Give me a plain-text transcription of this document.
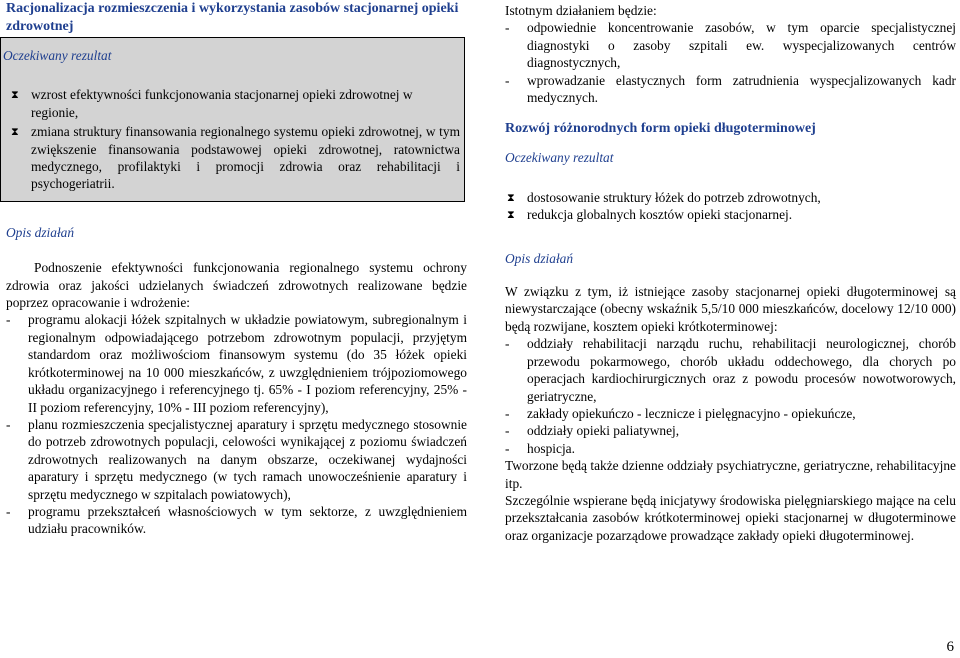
Racjonalizacja rozmieszczenia i wykorzystania zasobów stacjonarnej opieki zdrowotnej
Oczekiwany rezultat
⧗ wzrost efektywności funkcjonowania stacjonarnej opieki zdrowotnej w regionie,
⧗ zmiana struktury finansowania regionalnego systemu opieki zdrowotnej, w tym zwiększenie finansowania podstawowej opieki zdrowotnej, ratownictwa medycznego, profilaktyki i promocji zdrowia oraz rehabilitacji i psychogeriatrii.
Opis działań

Podnoszenie efektywności funkcjonowania regionalnego systemu ochrony zdrowia oraz jakości udzielanych świadczeń zdrowotnych realizowane będzie poprzez opracowanie i wdrożenie:

- programu alokacji łóżek szpitalnych w układzie powiatowym, subregionalnym i regionalnym odpowiadającego potrzebom zdrowotnym populacji, przyjętym standardom oraz możliwościom finansowym systemu (do 35 łóżek opieki krótkoterminowej na 10 000 mieszkańców, z uwzględnieniem trójpoziomowego układu organizacyjnego i referencyjnego tj. 65% - I poziom referencyjny, 25% - II poziom referencyjny, 10% - III poziom referencyjny),
- planu rozmieszczenia specjalistycznej aparatury i sprzętu medycznego stosownie do potrzeb zdrowotnych populacji, celowości wynikającej z poziomu świadczeń zdrowotnych realizowanych na danym obszarze, oczekiwanej wydajności aparatury i sprzętu medycznego (w tych ramach unowocześnienie aparatury i sprzętu medycznego w szpitalach powiatowych),
- programu przekształceń własnościowych w tym sektorze, z uwzględnieniem udziału pracowników.
Istotnym działaniem będzie:
- odpowiednie koncentrowanie zasobów, w tym oparcie specjalistycznej diagnostyki o zasoby szpitali ew. wyspecjalizowanych centrów diagnostycznych,
- wprowadzanie elastycznych form zatrudnienia wyspecjalizowanych kadr medycznych.
Rozwój różnorodnych form opieki długoterminowej
Oczekiwany rezultat
⧗ dostosowanie struktury łóżek do potrzeb zdrowotnych,
⧗ redukcja globalnych kosztów opieki stacjonarnej.
Opis działań

W związku z tym, iż istniejące zasoby stacjonarnej opieki długoterminowej są niewystarczające (obecny wskaźnik 5,5/10 000 mieszkańców, docelowy 12/10 000) będą rozwijane, kosztem opieki krótkoterminowej:

- oddziały rehabilitacji narządu ruchu, rehabilitacji neurologicznej, chorób przewodu pokarmowego, chorób układu oddechowego, dla chorych po operacjach kardiochirurgicznych oraz z powodu procesów nowotworowych, geriatryczne,
- zakłady opiekuńczo - lecznicze i pielęgnacyjno - opiekuńcze,
- oddziały opieki paliatywnej,
- hospicja.

Tworzone będą także dzienne oddziały psychiatryczne, geriatryczne, rehabilitacyjne itp.

Szczególnie wspierane będą inicjatywy środowiska pielęgniarskiego mające na celu przekształcania zasobów krótkoterminowej opieki stacjonarnej w długoterminowe oraz organizacje pozarządowe prowadzące zakłady opieki długoterminowej.

6
